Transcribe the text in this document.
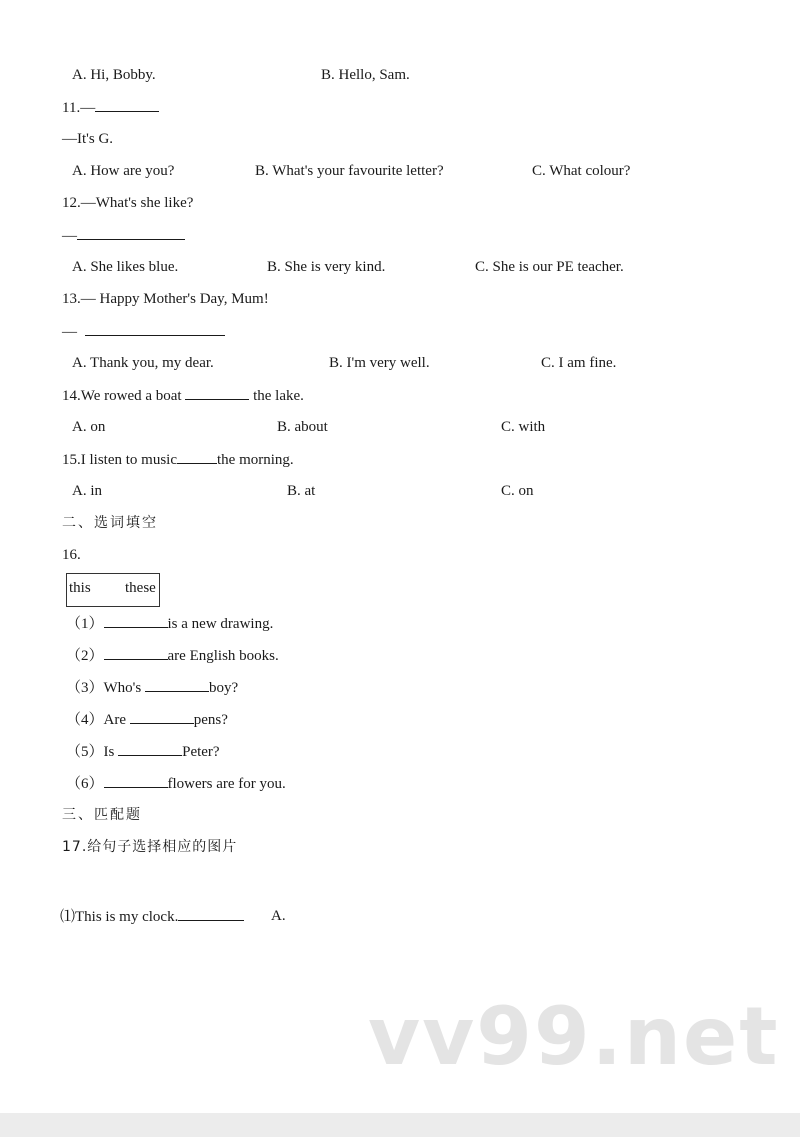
A. Hi, Bobby.	B. Hello, Sam.
11.—
—It's G.
A. How are you?	B. What's your favourite letter?	C. What colour?
12.—What's she like?
—
A. She likes blue.	B. She is very kind.	C. She is our PE teacher.
13.— Happy Mother's Day, Mum!
—
A. Thank you, my dear.	B. I'm very well.	C. I am fine.
14.We rowed a boat	the lake.
A. on	B. about	C. with
15.I listen to music	the morning.
A. in	B. at	C. on
二、选词填空
16.
this these
（1）	is a new drawing.
（2）	are English books.
（3）Who's	boy?
（4）Are	pens?
（5）Is	Peter?
（6）	flowers are for you.
三、匹配题
17.给句子选择相应的图片
⑴This is my clock.	A.
vv99.net
